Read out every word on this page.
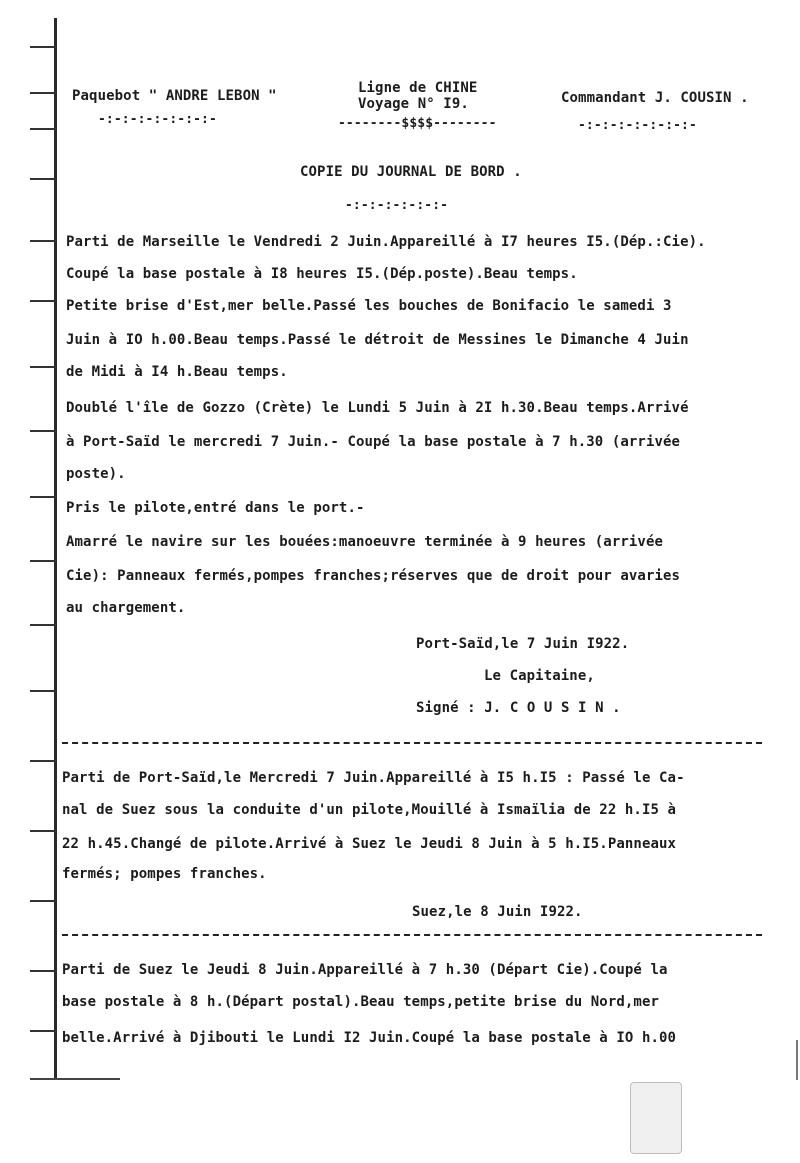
Paquebot " ANDRE LEBON "
-:-:-:-:-:-:-:-
Ligne de CHINE
Voyage N° I9.
--------$$$$--------
Commandant J. COUSIN .
-:-:-:-:-:-:-:-
COPIE DU JOURNAL DE BORD .
-:-:-:-:-:-:-
Parti de Marseille le Vendredi 2 Juin.Appareillé à I7 heures I5.(Dép.:Cie).
Coupé la base postale à I8 heures I5.(Dép.poste).Beau temps.
Petite brise d'Est,mer belle.Passé les bouches de Bonifacio le samedi 3
Juin à IO h.00.Beau temps.Passé le détroit de Messines le Dimanche 4 Juin
de Midi à I4 h.Beau temps.
Doublé l'île de Gozzo (Crète) le Lundi 5 Juin à 2I h.30.Beau temps.Arrivé
à Port-Saïd le mercredi 7 Juin.- Coupé la base postale à 7 h.30 (arrivée
poste).
Pris le pilote,entré dans le port.-
Amarré le navire sur les bouées:manoeuvre terminée à 9 heures (arrivée
Cie): Panneaux fermés,pompes franches;réserves que de droit pour avaries
au chargement.
Port-Saïd,le 7 Juin I922.
Le Capitaine,
Signé : J. C O U S I N .
Parti de Port-Saïd,le Mercredi 7 Juin.Appareillé à I5 h.I5 : Passé le Ca-
nal de Suez sous la conduite d'un pilote,Mouillé à Ismaïlia de 22 h.I5 à
22 h.45.Changé de pilote.Arrivé à Suez le Jeudi 8 Juin à 5 h.I5.Panneaux
fermés; pompes franches.
Suez,le 8 Juin I922.
Parti de Suez le Jeudi 8 Juin.Appareillé à 7 h.30 (Départ Cie).Coupé la
base postale à 8 h.(Départ postal).Beau temps,petite brise du Nord,mer
belle.Arrivé à Djibouti le Lundi I2 Juin.Coupé la base postale à IO h.00
